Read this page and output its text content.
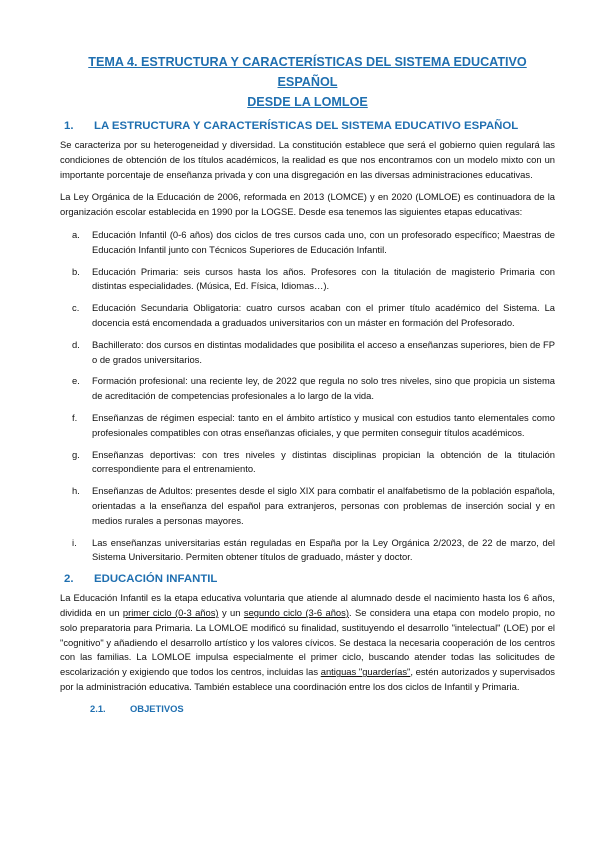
TEMA 4. ESTRUCTURA Y CARACTERÍSTICAS DEL SISTEMA EDUCATIVO ESPAÑOL
DESDE LA LOMLOE

1.	LA ESTRUCTURA Y CARACTERÍSTICAS DEL SISTEMA EDUCATIVO ESPAÑOL

Se caracteriza por su heterogeneidad y diversidad. La constitución establece que será el gobierno quien regulará las condiciones de obtención de los títulos académicos, la realidad es que nos encontramos con un modelo mixto con un importante porcentaje de enseñanza privada y con una disgregación en las diversas administraciones educativas.

La Ley Orgánica de la Educación de 2006, reformada en 2013 (LOMCE) y en 2020 (LOMLOE) es continuadora de la organización escolar establecida en 1990 por la LOGSE. Desde esa tenemos las siguientes etapas educativas:

a.	Educación Infantil (0-6 años) dos ciclos de tres cursos cada uno, con un profesorado específico; Maestras de Educación Infantil junto con Técnicos Superiores de Educación Infantil.
b.	Educación Primaria: seis cursos hasta los años. Profesores con la titulación de magisterio Primaria con distintas especialidades. (Música, Ed. Física, Idiomas…).
c.	Educación Secundaria Obligatoria: cuatro cursos acaban con el primer título académico del Sistema. La docencia está encomendada a graduados universitarios con un máster en formación del Profesorado.
d.	Bachillerato: dos cursos en distintas modalidades que posibilita el acceso a enseñanzas superiores, bien de FP o de grados universitarios.
e.	Formación profesional: una reciente ley, de 2022 que regula no solo tres niveles, sino que propicia un sistema de acreditación de competencias profesionales a lo largo de la vida.
f.	Enseñanzas de régimen especial: tanto en el ámbito artístico y musical con estudios tanto elementales como profesionales compatibles con otras enseñanzas oficiales, y que permiten conseguir títulos académicos.
g.	Enseñanzas deportivas: con tres niveles y distintas disciplinas propician la obtención de la titulación correspondiente para el entrenamiento.
h.	Enseñanzas de Adultos: presentes desde el siglo XIX para combatir el analfabetismo de la población española, orientadas a la enseñanza del español para extranjeros, personas con problemas de inserción social y en medios rurales a personas mayores.
i.	Las enseñanzas universitarias están reguladas en España por la Ley Orgánica 2/2023, de 22 de marzo, del Sistema Universitario. Permiten obtener títulos de graduado, máster y doctor.
2.	EDUCACIÓN INFANTIL

La Educación Infantil es la etapa educativa voluntaria que atiende al alumnado desde el nacimiento hasta los 6 años, dividida en un primer ciclo (0-3 años) y un segundo ciclo (3-6 años). Se considera una etapa con modelo propio, no solo preparatoria para Primaria. La LOMLOE modificó su finalidad, sustituyendo el desarrollo "intelectual" (LOE) por el "cognitivo" y añadiendo el desarrollo artístico y los valores cívicos. Se destaca la necesaria cooperación de los centros con las familias. La LOMLOE impulsa especialmente el primer ciclo, buscando atender todas las solicitudes de escolarización y exigiendo que todos los centros, incluidas las antiguas "guarderías", estén autorizados y supervisados por la administración educativa. También establece una coordinación entre los dos ciclos de Infantil y Primaria.

2.1.	OBJETIVOS
